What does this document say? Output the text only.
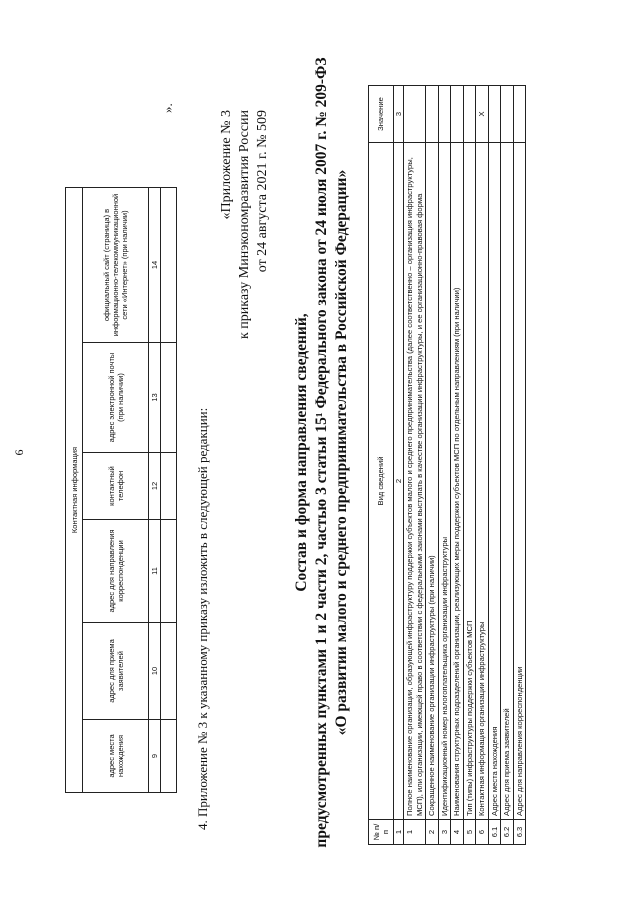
6	Контактная информация					
адрес места нахождения	адрес для приема заявителей	адрес для направления корреспонденции	контактный телефон	адрес электронной почты (при наличии)	официальный сайт (страница) в информационно-телекоммуникационной сети «Интернет» (при наличии)
9	10	11	12	13	14

».
4. Приложение № 3 к указанному приказу изложить в следующей редакции:
«Приложение № 3 к приказу Минэкономразвития России от 24 августа 2021 г. № 509
Состав и форма направления сведений, предусмотренных пунктами 1 и 2 части 2, частью 3 статьи 15¹ Федерального закона от 24 июля 2007 г. № 209-ФЗ «О развитии малого и среднего предпринимательства в Российской Федерации»
№ п/п	Вид сведений	Значение
1	2	3
1	Полное наименование организации, образующей инфраструктуру поддержки субъектов малого и среднего предпринимательства (далее соответственно – организация инфраструктуры, МСП), или организации, имеющей право в соответствии с федеральными законами выступать в качестве организации инфраструктуры, и ее организационно-правовая форма	
2	Сокращенное наименование организации инфраструктуры (при наличии)	
3	Идентификационный номер налогоплательщика организации инфраструктуры	
4	Наименования структурных подразделений организации, реализующих меры поддержки субъектов МСП по отдельным направлениям (при наличии)	
5	Тип (типы) инфраструктуры поддержки субъектов МСП	
6	Контактная информация организации инфраструктуры	X
6.1	Адрес места нахождения	
6.2	Адрес для приема заявителей	
6.3	Адрес для направления корреспонденции	
